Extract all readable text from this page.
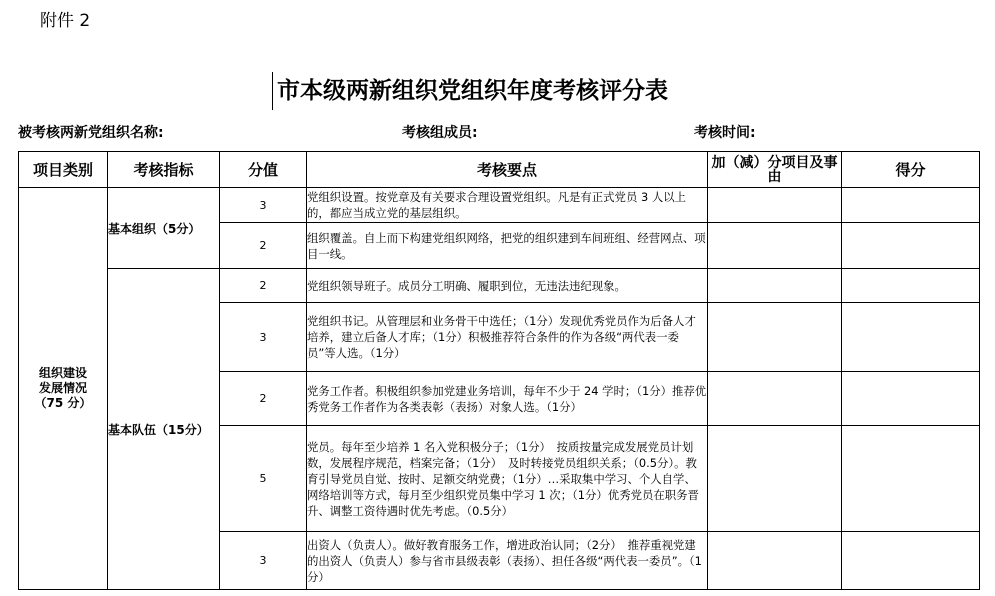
附件 2
市本级两新组织党组织年度考核评分表
被考核两新党组织名称:	考核组成员:	考核时间:
项目类别	考核指标	分值	考核要点	加（减）分项目及事由	得分

组织建设
发展情况
（75 分）	基本组织（5分）	3	党组织设置。按党章及有关要求合理设置党组织。凡是有正式党员 3 人以上的，都应当成立党的基层组织。		
		2	组织覆盖。自上而下构建党组织网络，把党的组织建到车间班组、经营网点、项目一线。		
	基本队伍（15分）	2	党组织领导班子。成员分工明确、履职到位，无违法违纪现象。		
		3	党组织书记。从管理层和业务骨干中选任；（1分）发现优秀党员作为后备人才培养，建立后备人才库；（1分）积极推荐符合条件的作为各级“两代表一委员”等人选。（1分）		
		2	党务工作者。积极组织参加党建业务培训，每年不少于 24 学时；（1分）推荐优秀党务工作者作为各类表彰（表扬）对象人选。（1分）		
		5	党员。每年至少培养 1 名入党积极分子；（1分）　按质按量完成发展党员计划数，发展程序规范，档案完备；（1分）　及时转接党员组织关系；（0.5分）。教育引导党员自觉、按时、足额交纳党费；（1分）…采取集中学习、个人自学、网络培训等方式，每月至少组织党员集中学习 1 次；（1分）优秀党员在职务晋升、调整工资待遇时优先考虑。（0.5分）		
		3	出资人（负责人）。做好教育服务工作，增进政治认同；（2分）　推荐重视党建的出资人（负责人）参与省市县级表彰（表扬）、担任各级“两代表一委员”。（1分）		
